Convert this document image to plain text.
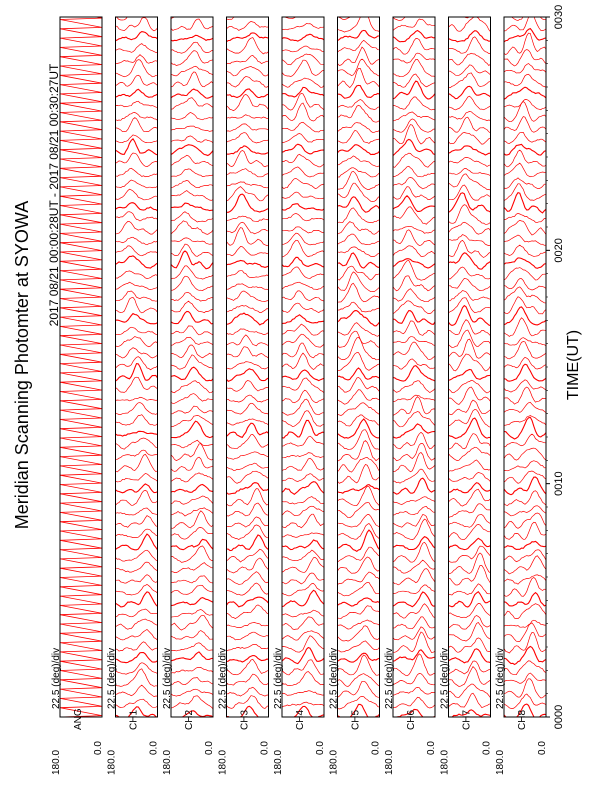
22.5 (deg)/div
ANG
180.0
0.0
22.5 (deg)/div
CH1
180.0
0.0
22.5 (deg)/div
CH2
180.0
0.0
22.5 (deg)/div
CH3
180.0
0.0
22.5 (deg)/div
CH4
180.0
0.0
22.5 (deg)/div
CH5
180.0
0.0
22.5 (deg)/div
CH6
180.0
0.0
22.5 (deg)/div
CH7
180.0
0.0
22.5 (deg)/div
CH8
180.0
0.0
0000
0010
0020
0030
Meridian Scanning Photomter at SYOWA
2017 08/21 00:00:28UT - 2017 08/21 00:30:27UT
TIME(UT)
